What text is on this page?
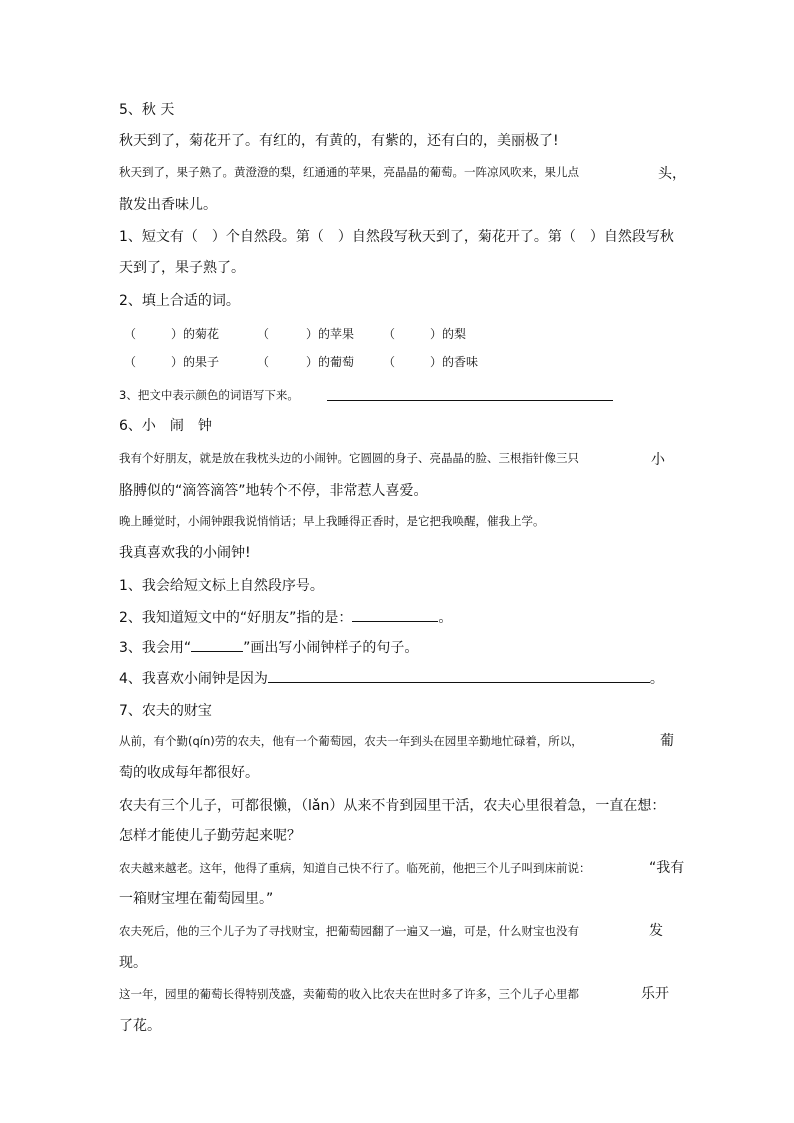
5、秋 天
秋天到了，菊花开了。有红的，有黄的，有紫的，还有白的，美丽极了!
秋天到了，果子熟了。黄澄澄的梨，红通通的苹果，亮晶晶的葡萄。一阵凉风吹来，果儿点	头，
散发出香味儿。
1、短文有（　）个自然段。第（　）自然段写秋天到了，菊花开了。第（　）自然段写秋
天到了，果子熟了。
2、填上合适的词。
（	）的菊花	（	）的苹果 （	）的梨
（	）的果子	（	）的葡萄 （	）的香味
3、把文中表示颜色的词语写下来。
6、小　闹　钟
我有个好朋友，就是放在我枕头边的小闹钟。它圆圆的身子、亮晶晶的脸、三根指针像三只	小
胳膊似的“滴答滴答”地转个不停，非常惹人喜爱。
晚上睡觉时，小闹钟跟我说悄悄话；早上我睡得正香时，是它把我唤醒，催我上学。
我真喜欢我的小闹钟!
1、我会给短文标上自然段序号。
2、我知道短文中的“好朋友”指的是：	。
3、我会用“	”画出写小闹钟样子的句子。
4、我喜欢小闹钟是因为	。
7、农夫的财宝
从前，有个勤(qín)劳的农夫，他有一个葡萄园，农夫一年到头在园里辛勤地忙碌着，所以，	葡
萄的收成每年都很好。
农夫有三个儿子，可都很懒，（lǎn）从来不肯到园里干活，农夫心里很着急，一直在想：
怎样才能使儿子勤劳起来呢？
农夫越来越老。这年，他得了重病，知道自己快不行了。临死前，他把三个儿子叫到床前说：	“我有
一箱财宝埋在葡萄园里。”
农夫死后，他的三个儿子为了寻找财宝，把葡萄园翻了一遍又一遍，可是，什么财宝也没有	发
现。
这一年，园里的葡萄长得特别茂盛，卖葡萄的收入比农夫在世时多了许多，三个儿子心里都	乐开
了花。
